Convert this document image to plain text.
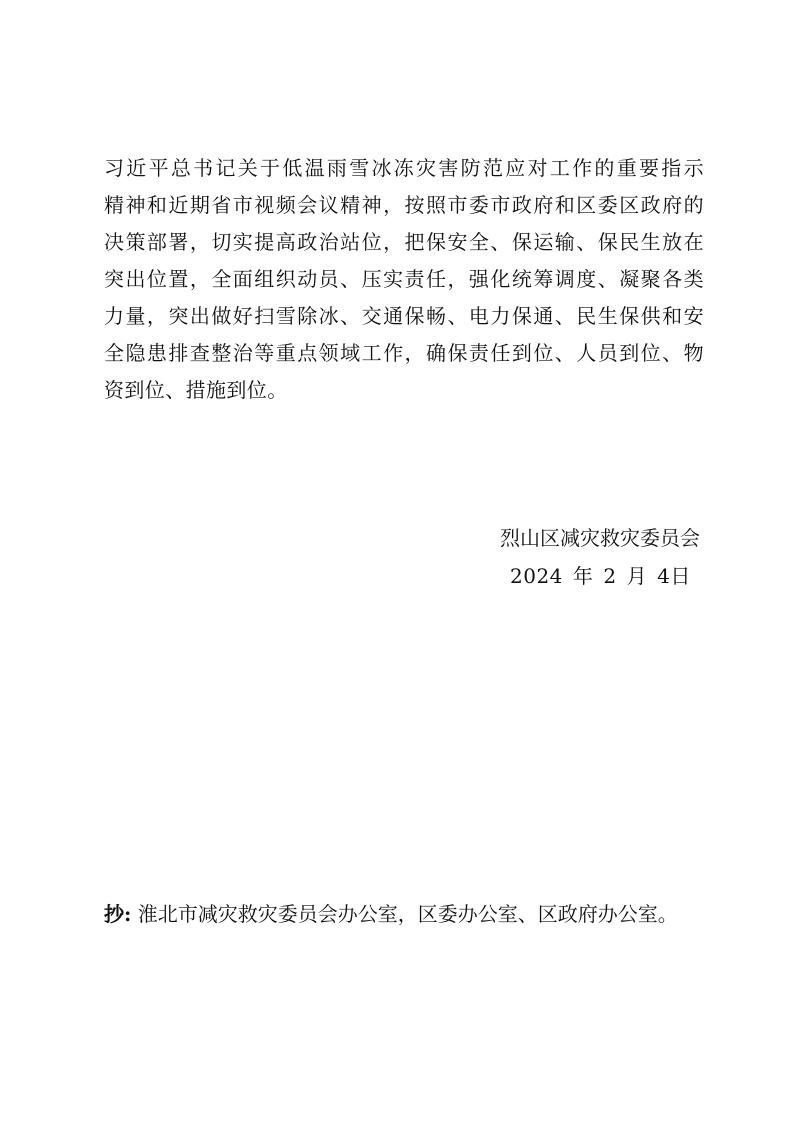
习近平总书记关于低温雨雪冰冻灾害防范应对工作的重要指示
精神和近期省市视频会议精神，按照市委市政府和区委区政府的
决策部署，切实提高政治站位，把保安全、保运输、保民生放在
突出位置，全面组织动员、压实责任，强化统筹调度、凝聚各类
力量，突出做好扫雪除冰、交通保畅、电力保通、民生保供和安
全隐患排查整治等重点领域工作，确保责任到位、人员到位、物
资到位、措施到位。
烈山区减灾救灾委员会
2024 年 2 月 4日
抄: 淮北市减灾救灾委员会办公室，区委办公室、区政府办公室。
